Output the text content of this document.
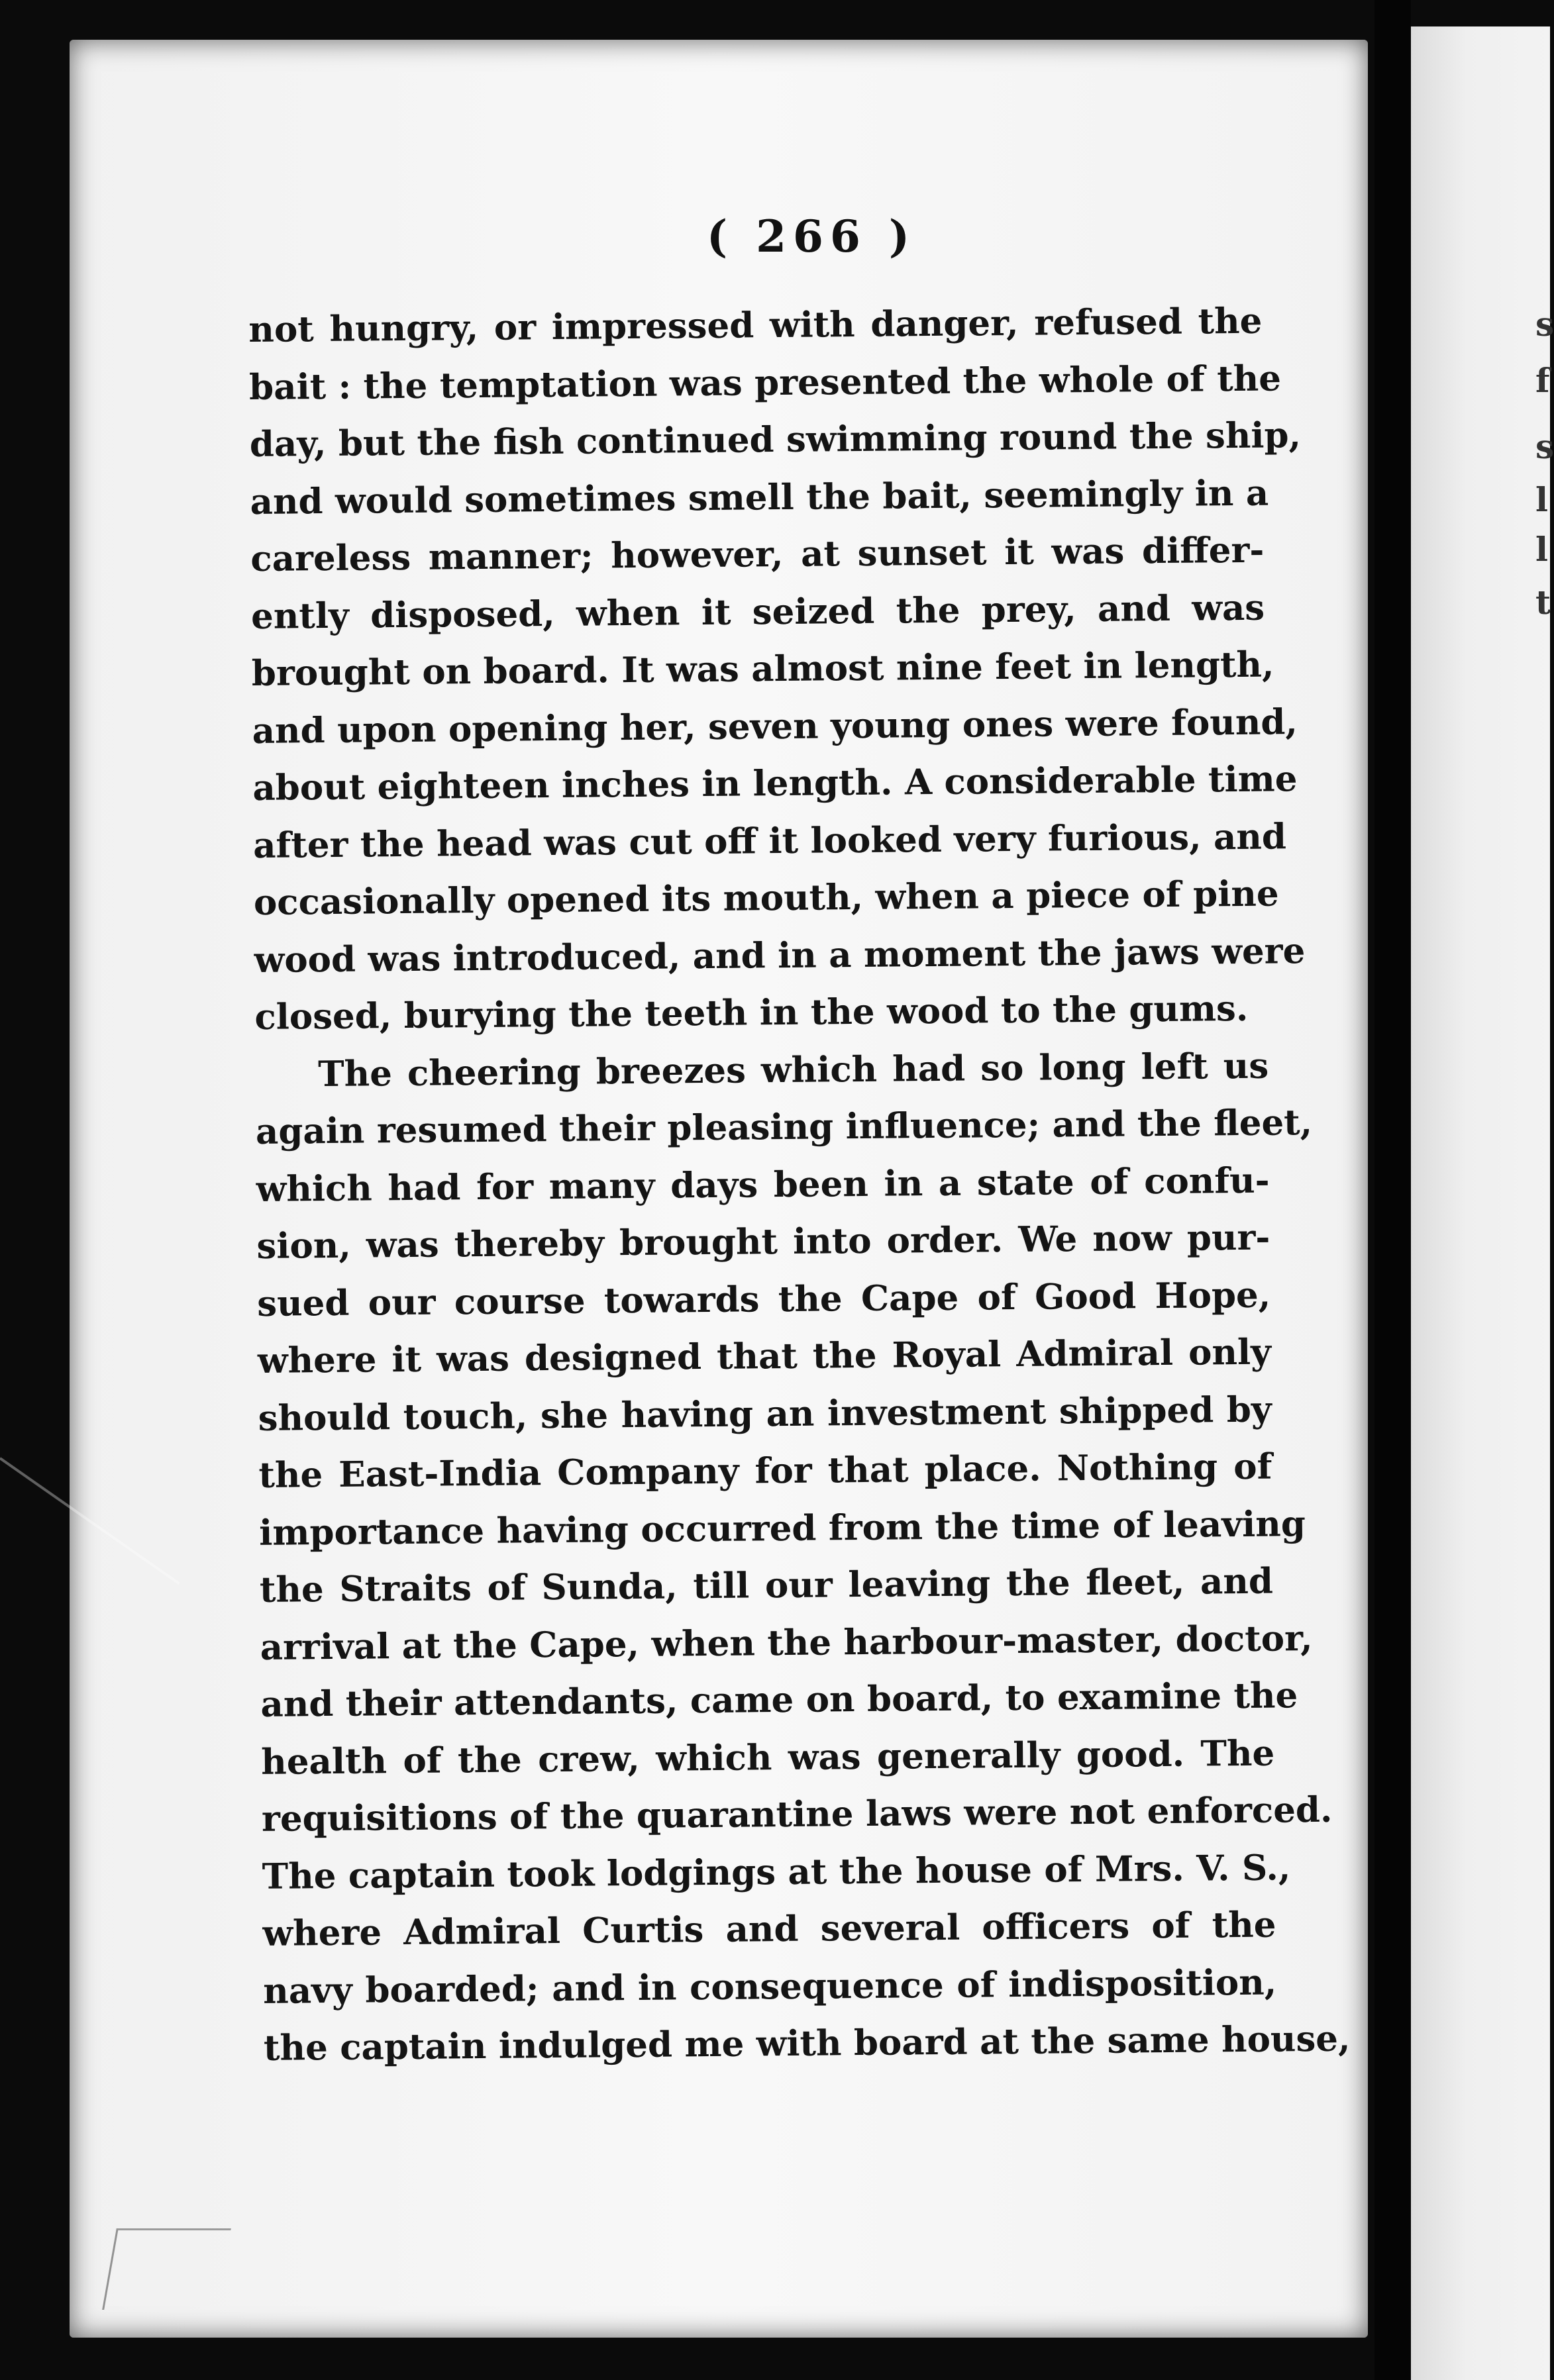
s
f
s
l
l
t
( 266 )
not hungry, or impressed with danger, refused the
bait : the temptation was presented the whole of the
day, but the fish continued swimming round the ship,
and would sometimes smell the bait, seemingly in a
careless manner; however, at sunset it was differ-
ently disposed, when it seized the prey, and was
brought on board. It was almost nine feet in length,
and upon opening her, seven young ones were found,
about eighteen inches in length. A considerable time
after the head was cut off it looked very furious, and
occasionally opened its mouth, when a piece of pine
wood was introduced, and in a moment the jaws were
closed, burying the teeth in the wood to the gums.
The cheering breezes which had so long left us
again resumed their pleasing influence; and the fleet,
which had for many days been in a state of confu-
sion, was thereby brought into order. We now pur-
sued our course towards the Cape of Good Hope,
where it was designed that the Royal Admiral only
should touch, she having an investment shipped by
the East-India Company for that place. Nothing of
importance having occurred from the time of leaving
the Straits of Sunda, till our leaving the fleet, and
arrival at the Cape, when the harbour-master, doctor,
and their attendants, came on board, to examine the
health of the crew, which was generally good. The
requisitions of the quarantine laws were not enforced.
The captain took lodgings at the house of Mrs. V. S.,
where Admiral Curtis and several officers of the
navy boarded; and in consequence of indisposition,
the captain indulged me with board at the same house,
